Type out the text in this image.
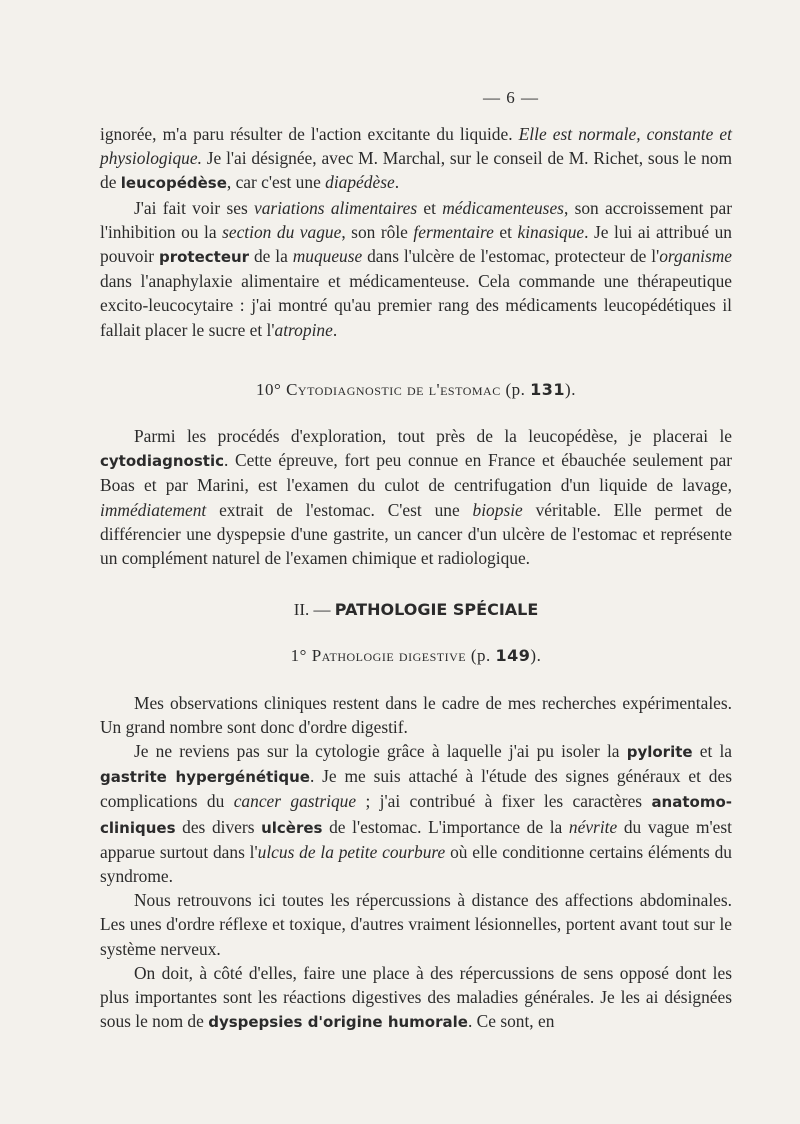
— 6 —

ignorée, m'a paru résulter de l'action excitante du liquide. Elle est normale, constante et physiologique. Je l'ai désignée, avec M. Marchal, sur le conseil de M. Richet, sous le nom de leucopédèse, car c'est une diapédèse.

J'ai fait voir ses variations alimentaires et médicamenteuses, son accroissement par l'inhibition ou la section du vague, son rôle fermentaire et kinasique. Je lui ai attribué un pouvoir protecteur de la muqueuse dans l'ulcère de l'estomac, protecteur de l'organisme dans l'anaphylaxie alimentaire et médicamenteuse. Cela commande une thérapeutique excito-leucocytaire : j'ai montré qu'au premier rang des médicaments leucopédétiques il fallait placer le sucre et l'atropine.

10° Cytodiagnostic de l'estomac (p. 131).

Parmi les procédés d'exploration, tout près de la leucopédèse, je placerai le cytodiagnostic. Cette épreuve, fort peu connue en France et ébauchée seulement par Boas et par Marini, est l'examen du culot de centrifugation d'un liquide de lavage, immédiatement extrait de l'estomac. C'est une biopsie véritable. Elle permet de différencier une dyspepsie d'une gastrite, un cancer d'un ulcère de l'estomac et représente un complément naturel de l'examen chimique et radiologique.

II. — PATHOLOGIE SPÉCIALE

1° Pathologie digestive (p. 149).

Mes observations cliniques restent dans le cadre de mes recherches expérimentales. Un grand nombre sont donc d'ordre digestif.

Je ne reviens pas sur la cytologie grâce à laquelle j'ai pu isoler la pylorite et la gastrite hypergénétique. Je me suis attaché à l'étude des signes généraux et des complications du cancer gastrique ; j'ai contribué à fixer les caractères anatomo-cliniques des divers ulcères de l'estomac. L'importance de la névrite du vague m'est apparue surtout dans l'ulcus de la petite courbure où elle conditionne certains éléments du syndrome.

Nous retrouvons ici toutes les répercussions à distance des affections abdominales. Les unes d'ordre réflexe et toxique, d'autres vraiment lésionnelles, portent avant tout sur le système nerveux.

On doit, à côté d'elles, faire une place à des répercussions de sens opposé dont les plus importantes sont les réactions digestives des maladies générales. Je les ai désignées sous le nom de dyspepsies d'origine humorale. Ce sont, en
